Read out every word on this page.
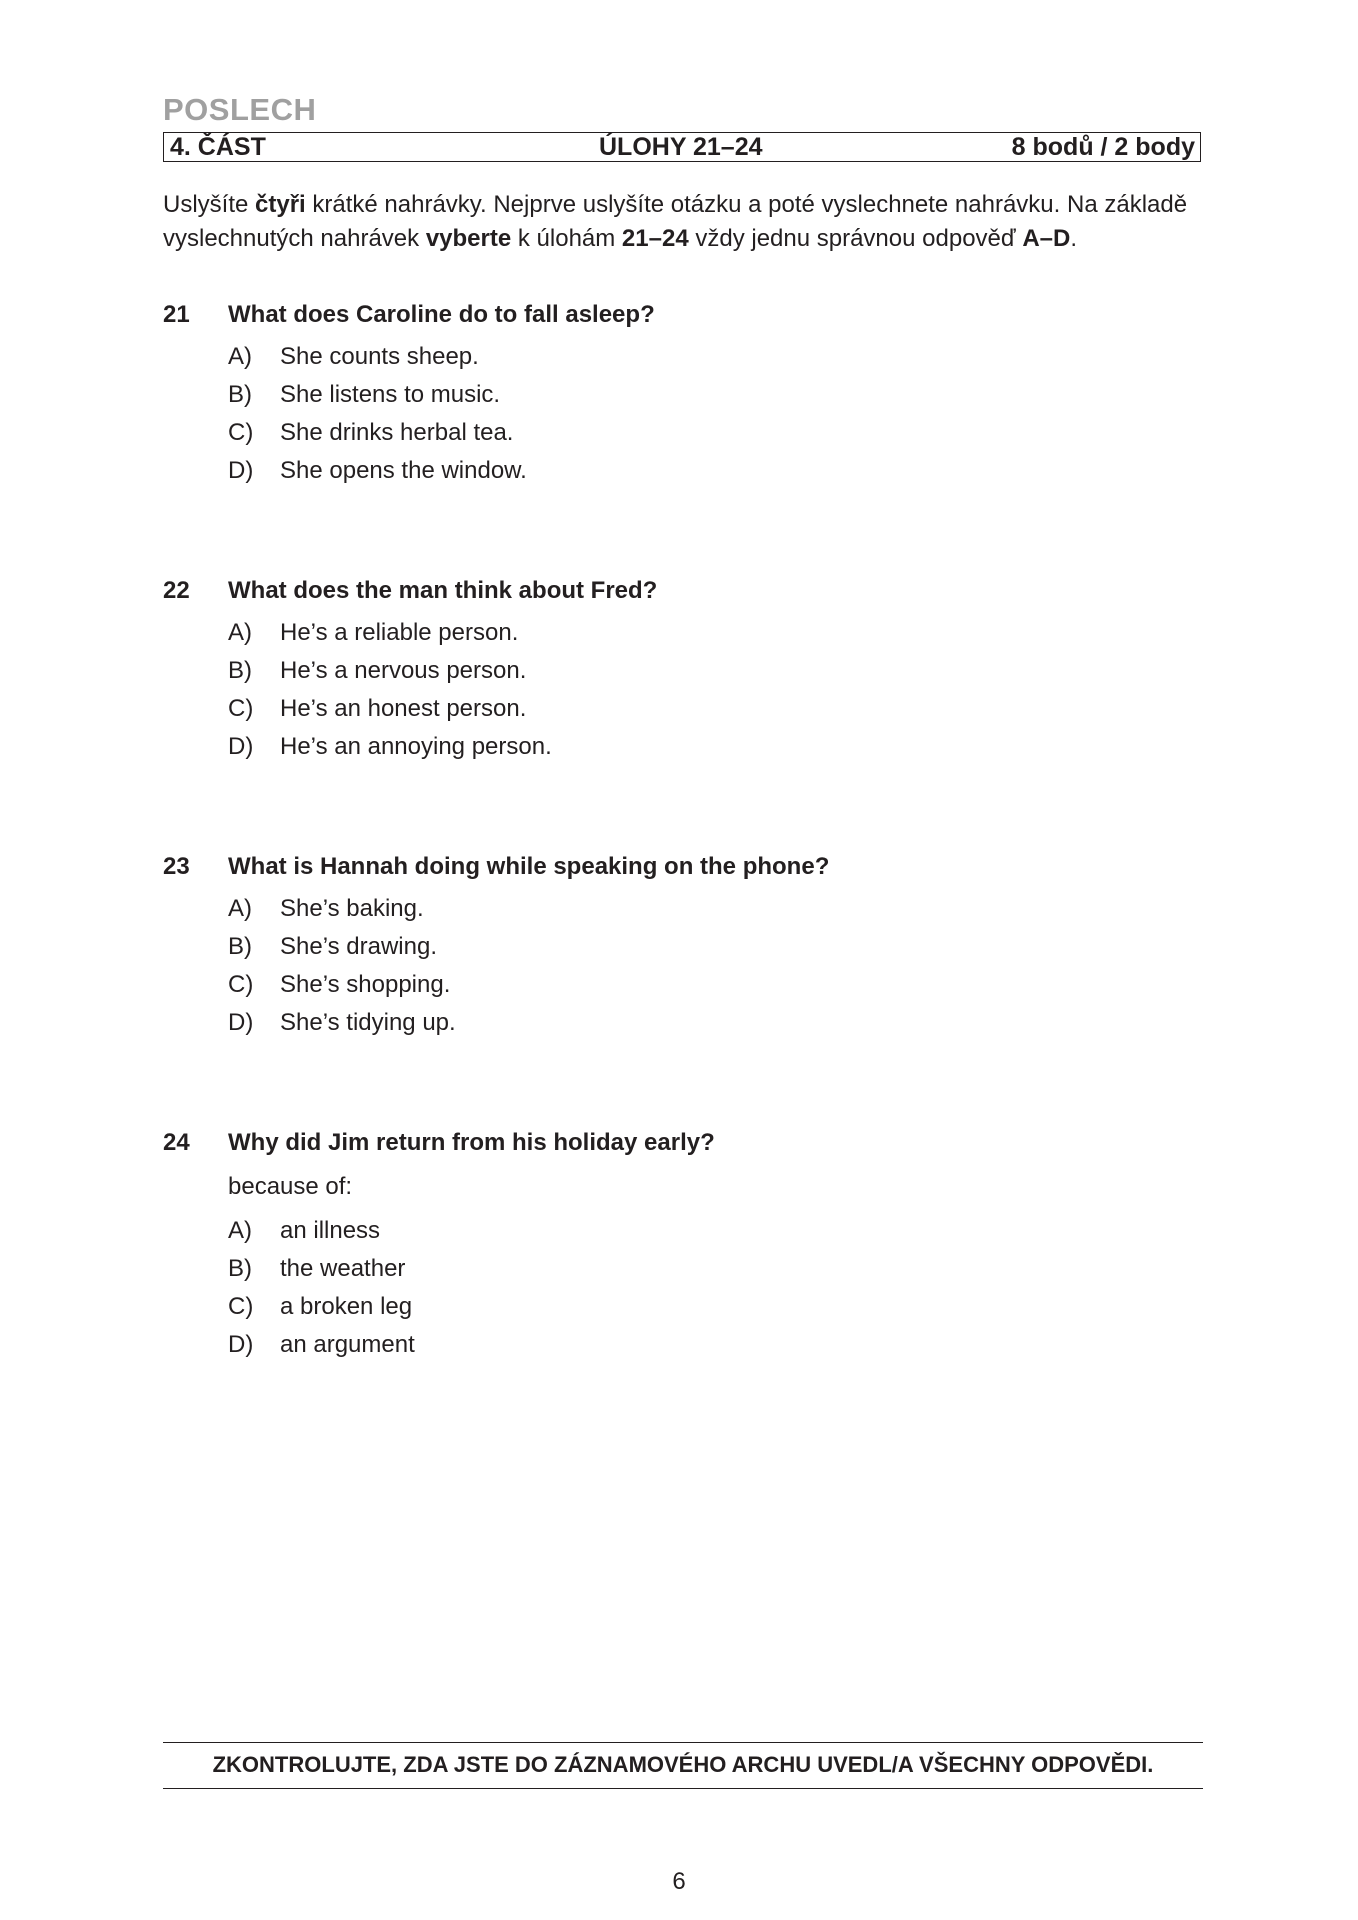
POSLECH
4. ČÁST	ÚLOHY 21–24	8 bodů / 2 body
Uslyšíte čtyři krátké nahrávky. Nejprve uslyšíte otázku a poté vyslechnete nahrávku. Na základě vyslechnutých nahrávek vyberte k úlohám 21–24 vždy jednu správnou odpověď A–D.
21 What does Caroline do to fall asleep?
A) She counts sheep.
B) She listens to music.
C) She drinks herbal tea.
D) She opens the window.
22 What does the man think about Fred?
A) He’s a reliable person.
B) He’s a nervous person.
C) He’s an honest person.
D) He’s an annoying person.
23 What is Hannah doing while speaking on the phone?
A) She’s baking.
B) She’s drawing.
C) She’s shopping.
D) She’s tidying up.
24 Why did Jim return from his holiday early?
because of:
A) an illness
B) the weather
C) a broken leg
D) an argument
ZKONTROLUJTE, ZDA JSTE DO ZÁZNAMOVÉHO ARCHU UVEDL/A VŠECHNY ODPOVĚDI.
6
